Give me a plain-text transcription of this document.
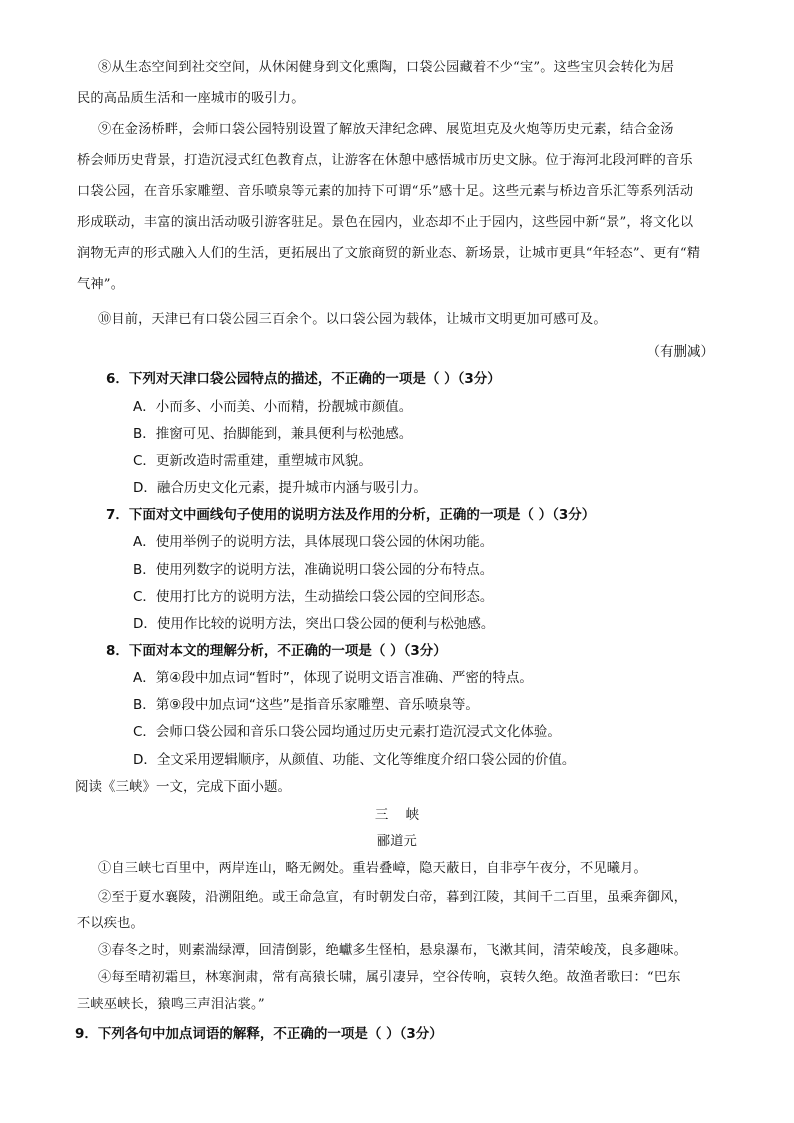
⑧从生态空间到社交空间，从休闲健身到文化熏陶，口袋公园藏着不少“宝”。这些宝贝会转化为居
民的高品质生活和一座城市的吸引力。
⑨在金汤桥畔，会师口袋公园特别设置了解放天津纪念碑、展览坦克及火炮等历史元素，结合金汤
桥会师历史背景，打造沉浸式红色教育点，让游客在休憩中感悟城市历史文脉。位于海河北段河畔的音乐
口袋公园，在音乐家雕塑、音乐喷泉等元素的加持下可谓“乐”感十足。这些元素与桥边音乐汇等系列活动
形成联动，丰富的演出活动吸引游客驻足。景色在园内，业态却不止于园内，这些园中新“景”，将文化以
润物无声的形式融入人们的生活，更拓展出了文旅商贸的新业态、新场景，让城市更具“年轻态”、更有“精
气神”。
⑩目前，天津已有口袋公园三百余个。以口袋公园为载体，让城市文明更加可感可及。
（有删减）
6．下列对天津口袋公园特点的描述，不正确的一项是（ ）（3分）
A．小而多、小而美、小而精，扮靓城市颜值。
B．推窗可见、抬脚能到，兼具便利与松弛感。
C．更新改造时需重建，重塑城市风貌。
D．融合历史文化元素，提升城市内涵与吸引力。
7．下面对文中画线句子使用的说明方法及作用的分析，正确的一项是（ ）（3分）
A．使用举例子的说明方法，具体展现口袋公园的休闲功能。
B．使用列数字的说明方法，准确说明口袋公园的分布特点。
C．使用打比方的说明方法，生动描绘口袋公园的空间形态。
D．使用作比较的说明方法，突出口袋公园的便利与松弛感。
8．下面对本文的理解分析，不正确的一项是（ ）（3分）
A．第④段中加点词“暂时”，体现了说明文语言准确、严密的特点。
B．第⑨段中加点词“这些”是指音乐家雕塑、音乐喷泉等。
C．会师口袋公园和音乐口袋公园均通过历史元素打造沉浸式文化体验。
D．全文采用逻辑顺序，从颜值、功能、文化等维度介绍口袋公园的价值。
阅读《三峡》一文，完成下面小题。
三    峡
郦道元
①自三峡七百里中，两岸连山，略无阙处。重岩叠嶂，隐天蔽日，自非亭午夜分，不见曦月。
②至于夏水襄陵，沿溯阻绝。或王命急宣，有时朝发白帝，暮到江陵，其间千二百里，虽乘奔御风，
不以疾也。
③春冬之时，则素湍绿潭，回清倒影，绝巘多生怪柏，悬泉瀑布，飞漱其间，清荣峻茂，良多趣味。
④每至晴初霜旦，林寒涧肃，常有高猿长啸，属引凄异，空谷传响，哀转久绝。故渔者歌曰：“巴东
三峡巫峡长，猿鸣三声泪沾裳。”
9．下列各句中加点词语的解释，不正确的一项是（ ）（3分）
